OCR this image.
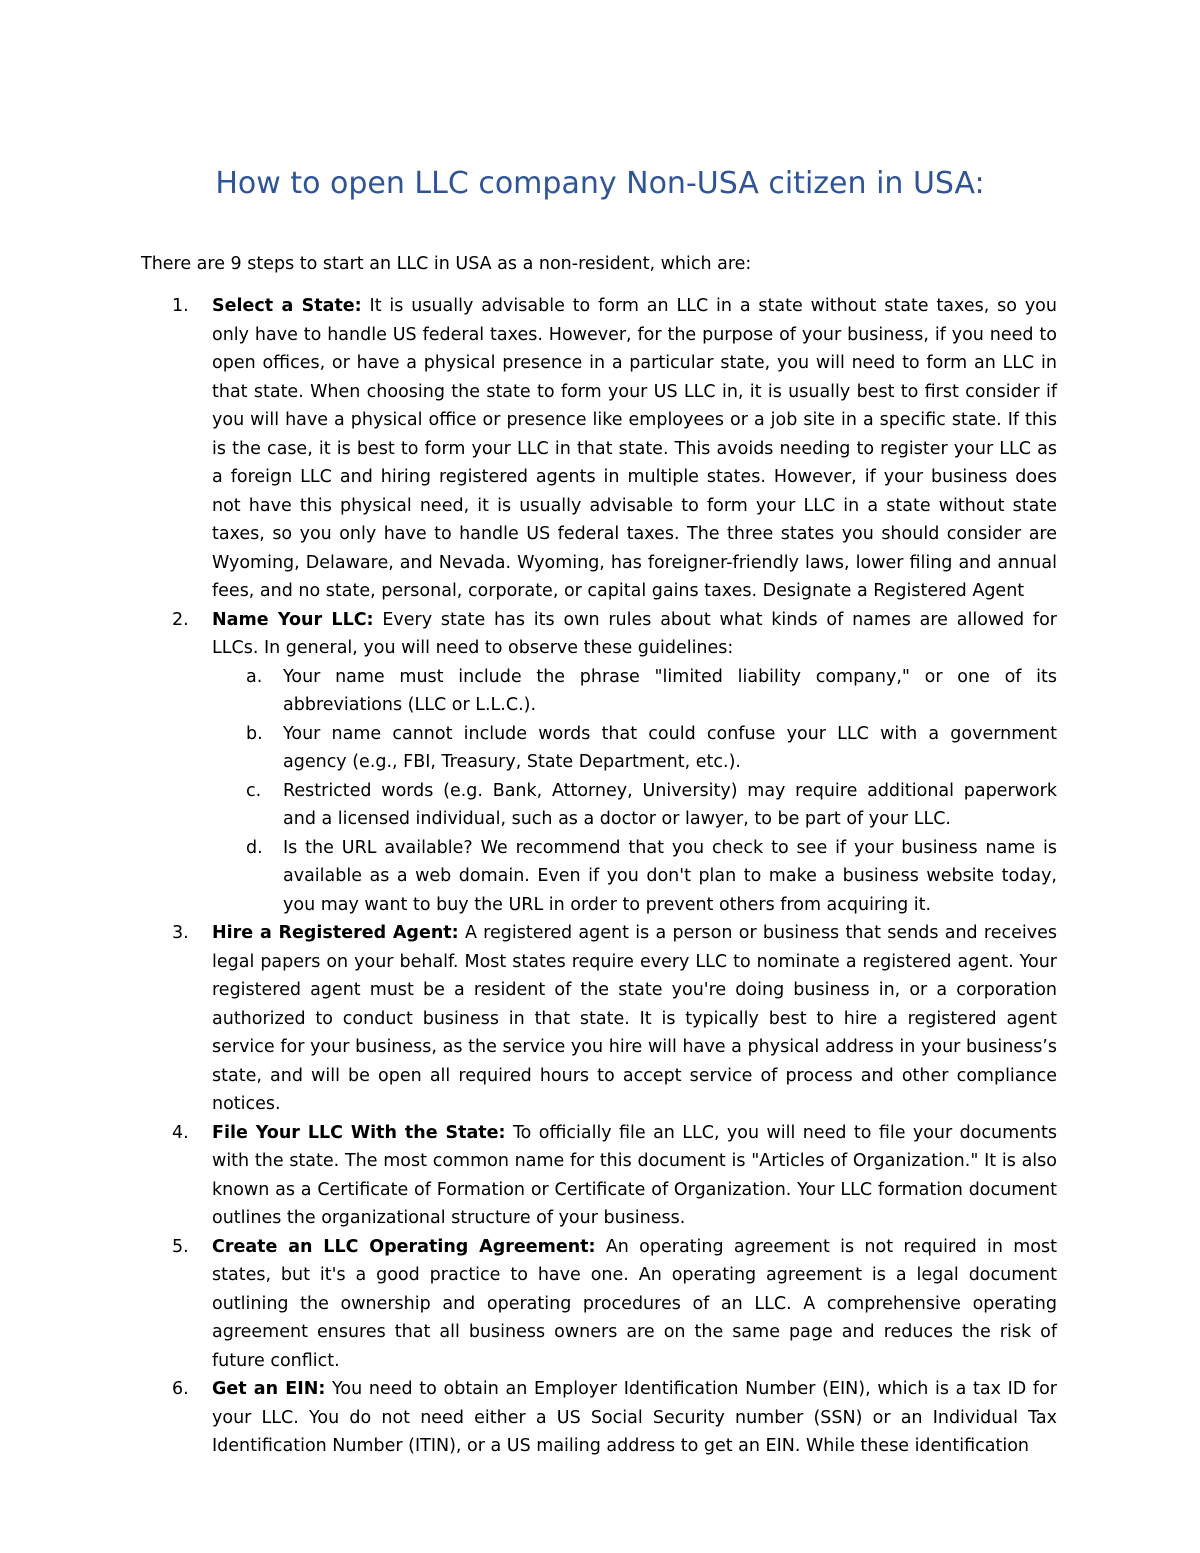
How to open LLC company Non-USA citizen in USA:

There are 9 steps to start an LLC in USA as a non-resident, which are:

1. Select a State: It is usually advisable to form an LLC in a state without state taxes, so you only have to handle US federal taxes. However, for the purpose of your business, if you need to open offices, or have a physical presence in a particular state, you will need to form an LLC in that state. When choosing the state to form your US LLC in, it is usually best to first consider if you will have a physical office or presence like employees or a job site in a specific state. If this is the case, it is best to form your LLC in that state. This avoids needing to register your LLC as a foreign LLC and hiring registered agents in multiple states. However, if your business does not have this physical need, it is usually advisable to form your LLC in a state without state taxes, so you only have to handle US federal taxes. The three states you should consider are Wyoming, Delaware, and Nevada. Wyoming, has foreigner-friendly laws, lower filing and annual fees, and no state, personal, corporate, or capital gains taxes. Designate a Registered Agent
2. Name Your LLC: Every state has its own rules about what kinds of names are allowed for LLCs. In general, you will need to observe these guidelines:
a. Your name must include the phrase "limited liability company," or one of its abbreviations (LLC or L.L.C.).
b. Your name cannot include words that could confuse your LLC with a government agency (e.g., FBI, Treasury, State Department, etc.).
c. Restricted words (e.g. Bank, Attorney, University) may require additional paperwork and a licensed individual, such as a doctor or lawyer, to be part of your LLC.
d. Is the URL available? We recommend that you check to see if your business name is available as a web domain. Even if you don't plan to make a business website today, you may want to buy the URL in order to prevent others from acquiring it.
3. Hire a Registered Agent: A registered agent is a person or business that sends and receives legal papers on your behalf. Most states require every LLC to nominate a registered agent. Your registered agent must be a resident of the state you're doing business in, or a corporation authorized to conduct business in that state. It is typically best to hire a registered agent service for your business, as the service you hire will have a physical address in your business’s state, and will be open all required hours to accept service of process and other compliance notices.
4. File Your LLC With the State: To officially file an LLC, you will need to file your documents with the state. The most common name for this document is "Articles of Organization." It is also known as a Certificate of Formation or Certificate of Organization. Your LLC formation document outlines the organizational structure of your business.
5. Create an LLC Operating Agreement: An operating agreement is not required in most states, but it's a good practice to have one. An operating agreement is a legal document outlining the ownership and operating procedures of an LLC. A comprehensive operating agreement ensures that all business owners are on the same page and reduces the risk of future conflict.
6. Get an EIN: You need to obtain an Employer Identification Number (EIN), which is a tax ID for your LLC. You do not need either a US Social Security number (SSN) or an Individual Tax Identification Number (ITIN), or a US mailing address to get an EIN. While these identification
